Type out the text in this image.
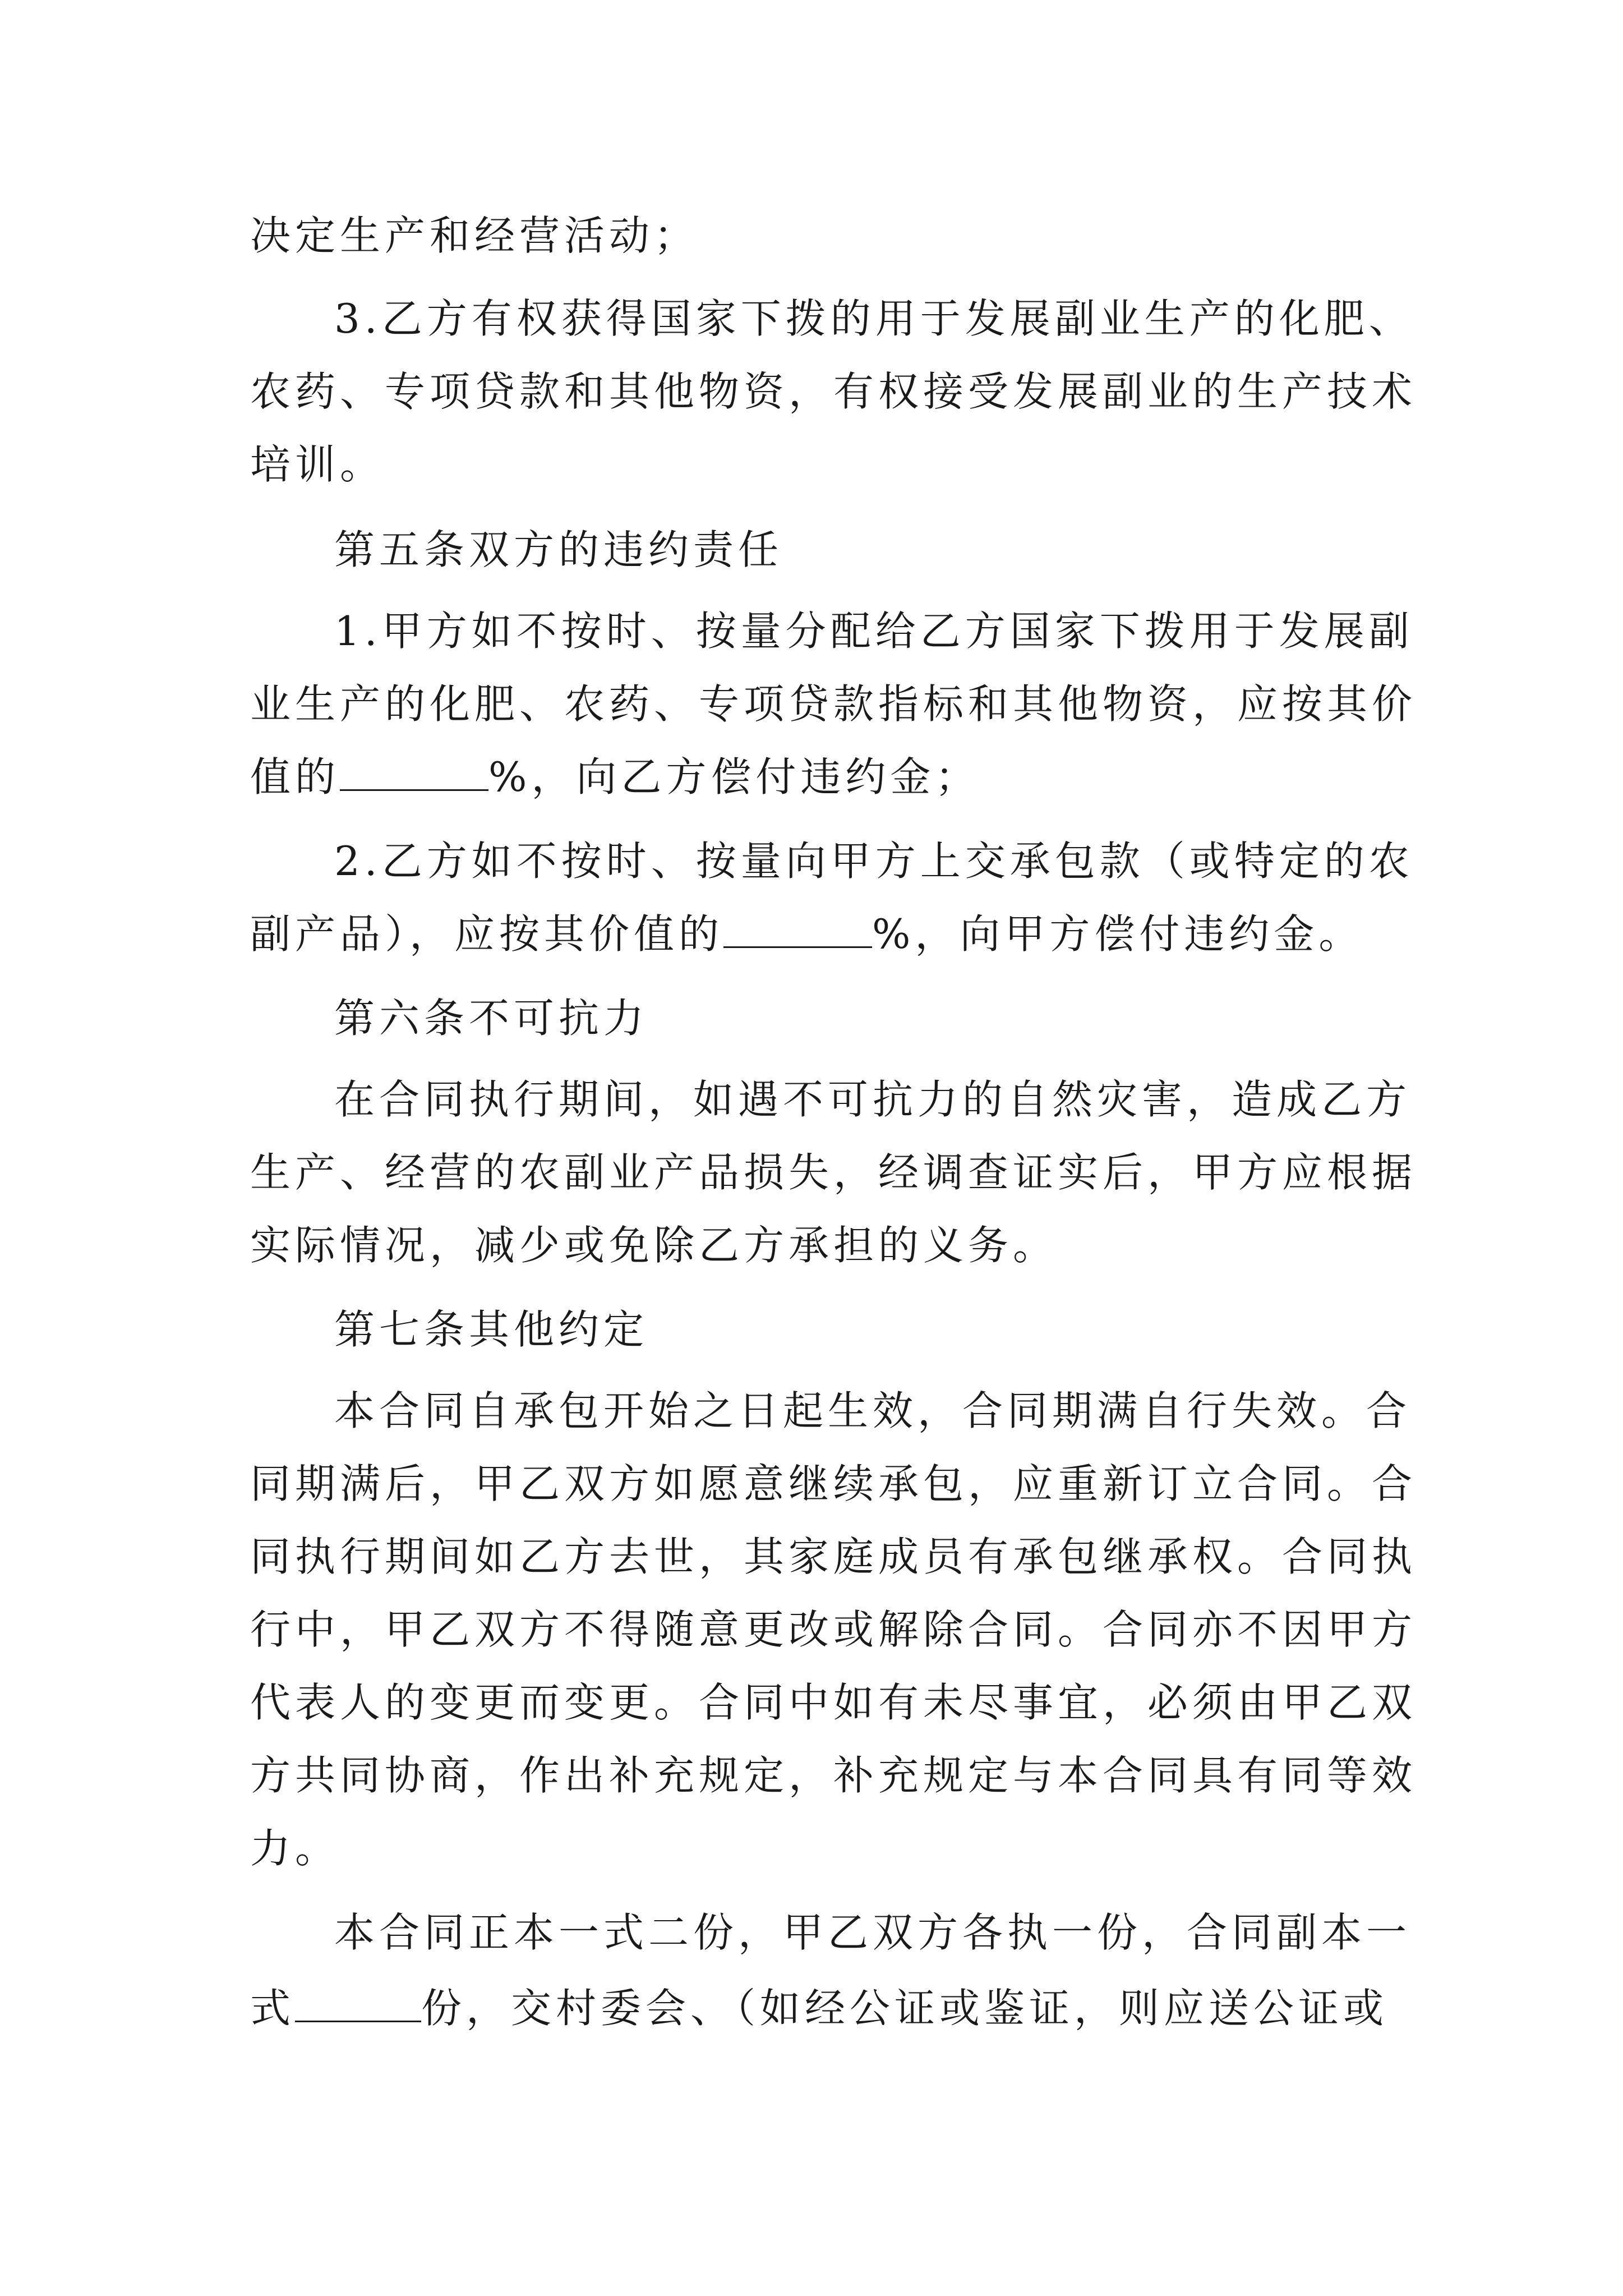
决定生产和经营活动；
3.乙方有权获得国家下拨的用于发展副业生产的化肥、
农药、专项贷款和其他物资，有权接受发展副业的生产技术
培训。
第五条双方的违约责任
1.甲方如不按时、按量分配给乙方国家下拨用于发展副
业生产的化肥、农药、专项贷款指标和其他物资，应按其价
值的	%，向乙方偿付违约金；
2.乙方如不按时、按量向甲方上交承包款（或特定的农
副产品），应按其价值的	%，向甲方偿付违约金。
第六条不可抗力
在合同执行期间，如遇不可抗力的自然灾害，造成乙方
生产、经营的农副业产品损失，经调查证实后，甲方应根据
实际情况，减少或免除乙方承担的义务。
第七条其他约定
本合同自承包开始之日起生效，合同期满自行失效。合
同期满后，甲乙双方如愿意继续承包，应重新订立合同。合
同执行期间如乙方去世，其家庭成员有承包继承权。合同执
行中，甲乙双方不得随意更改或解除合同。合同亦不因甲方
代表人的变更而变更。合同中如有未尽事宜，必须由甲乙双
方共同协商，作出补充规定，补充规定与本合同具有同等效
力。
本合同正本一式二份，甲乙双方各执一份，合同副本一
式	份，交村委会、（如经公证或鉴证，则应送公证或
